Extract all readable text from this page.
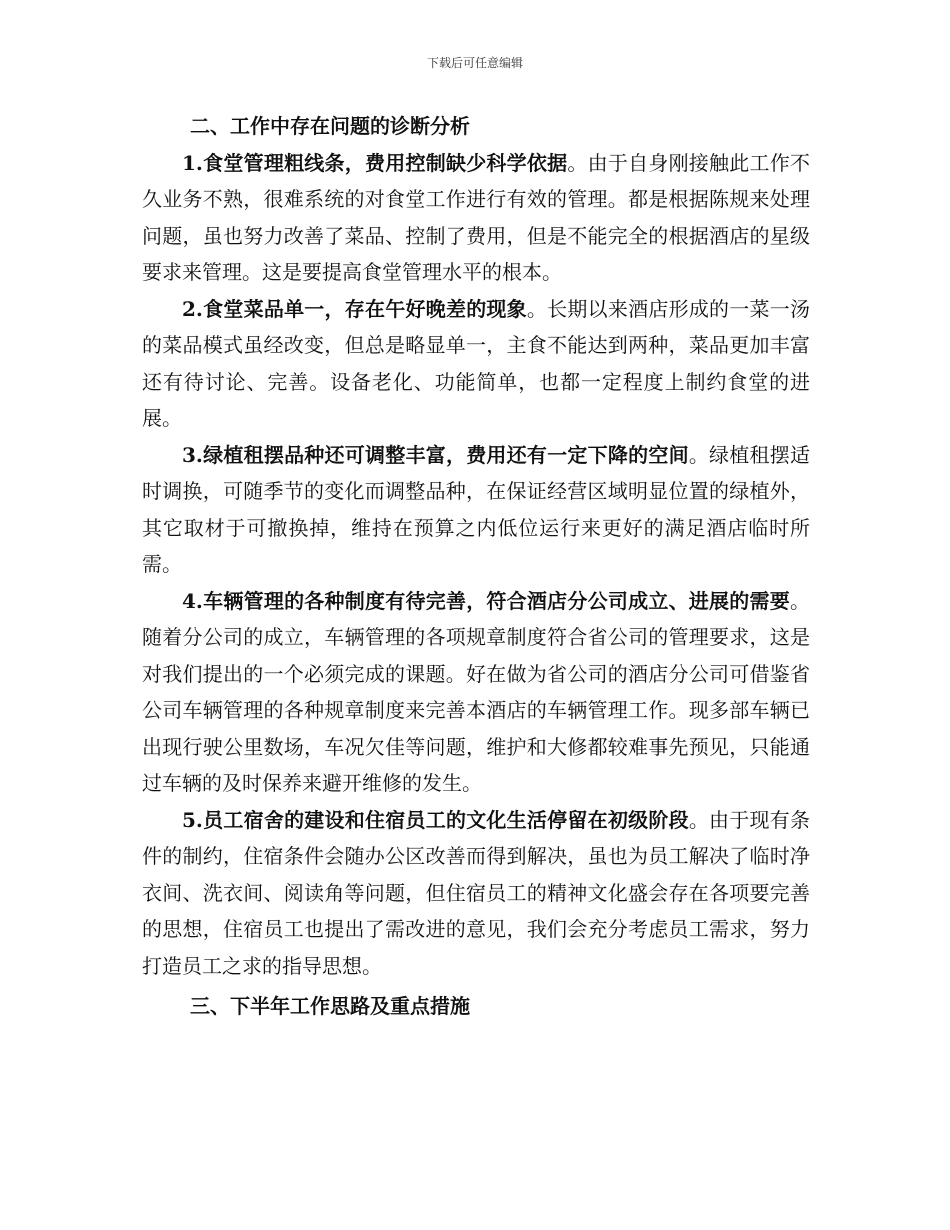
下载后可任意编辑

二、工作中存在问题的诊断分析

1.食堂管理粗线条，费用控制缺少科学依据。由于自身刚接触此工作不久业务不熟，很难系统的对食堂工作进行有效的管理。都是根据陈规来处理问题，虽也努力改善了菜品、控制了费用，但是不能完全的根据酒店的星级要求来管理。这是要提高食堂管理水平的根本。

2.食堂菜品单一，存在午好晚差的现象。长期以来酒店形成的一菜一汤的菜品模式虽经改变，但总是略显单一，主食不能达到两种，菜品更加丰富还有待讨论、完善。设备老化、功能简单，也都一定程度上制约食堂的进展。

3.绿植租摆品种还可调整丰富，费用还有一定下降的空间。绿植租摆适时调换，可随季节的变化而调整品种，在保证经营区域明显位置的绿植外，其它取材于可撤换掉，维持在预算之内低位运行来更好的满足酒店临时所需。

4.车辆管理的各种制度有待完善，符合酒店分公司成立、进展的需要。随着分公司的成立，车辆管理的各项规章制度符合省公司的管理要求，这是对我们提出的一个必须完成的课题。好在做为省公司的酒店分公司可借鉴省公司车辆管理的各种规章制度来完善本酒店的车辆管理工作。现多部车辆已出现行驶公里数场，车况欠佳等问题，维护和大修都较难事先预见，只能通过车辆的及时保养来避开维修的发生。

5.员工宿舍的建设和住宿员工的文化生活停留在初级阶段。由于现有条件的制约，住宿条件会随办公区改善而得到解决，虽也为员工解决了临时净衣间、洗衣间、阅读角等问题，但住宿员工的精神文化盛会存在各项要完善的思想，住宿员工也提出了需改进的意见，我们会充分考虑员工需求，努力打造员工之求的指导思想。

三、下半年工作思路及重点措施
